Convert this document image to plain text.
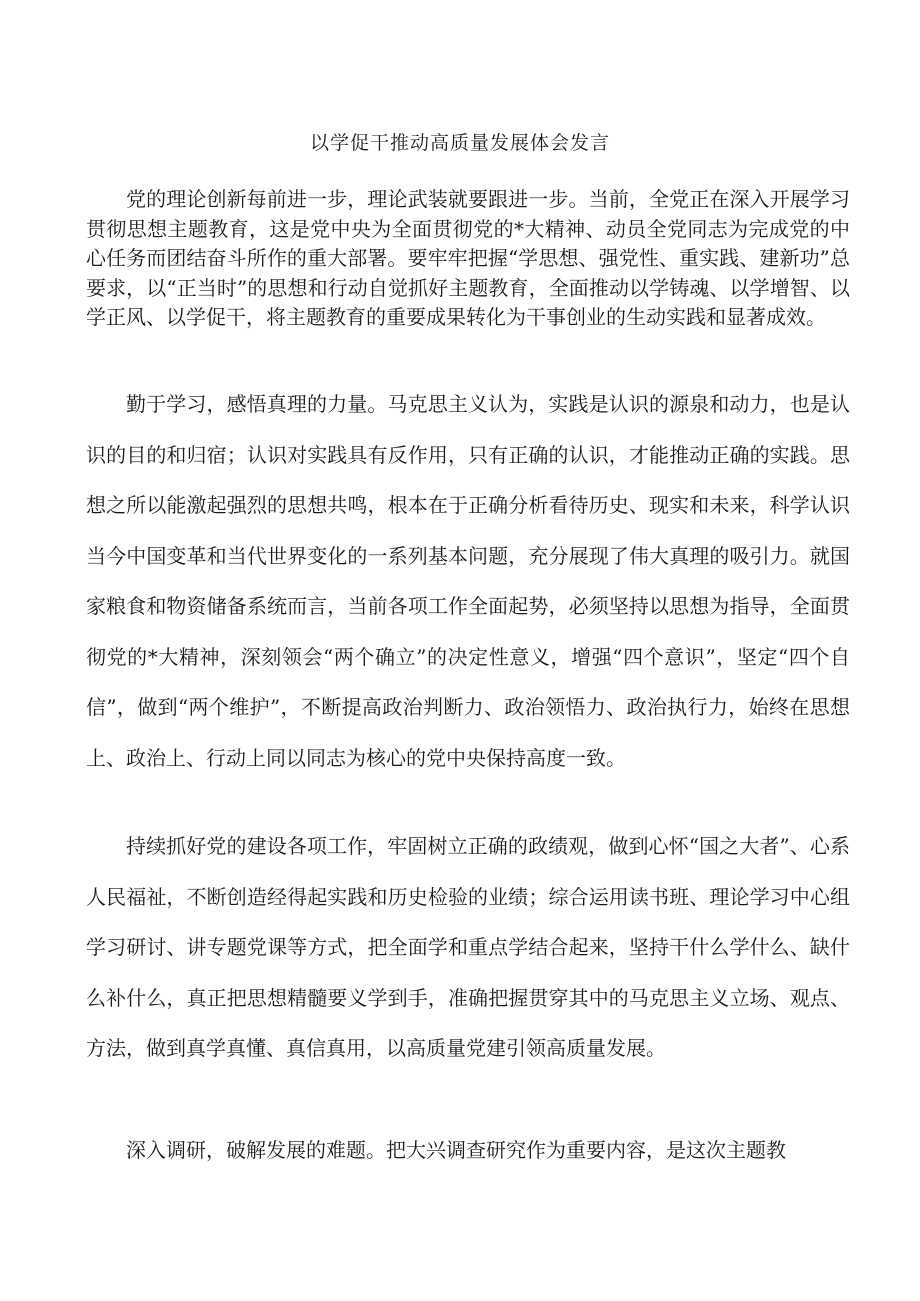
以学促干推动高质量发展体会发言

党的理论创新每前进一步，理论武装就要跟进一步。当前，全党正在深入开展学习贯彻思想主题教育，这是党中央为全面贯彻党的*大精神、动员全党同志为完成党的中心任务而团结奋斗所作的重大部署。要牢牢把握“学思想、强党性、重实践、建新功”总要求，以“正当时”的思想和行动自觉抓好主题教育，全面推动以学铸魂、以学增智、以学正风、以学促干，将主题教育的重要成果转化为干事创业的生动实践和显著成效。

勤于学习，感悟真理的力量。马克思主义认为，实践是认识的源泉和动力，也是认识的目的和归宿；认识对实践具有反作用，只有正确的认识，才能推动正确的实践。思想之所以能激起强烈的思想共鸣，根本在于正确分析看待历史、现实和未来，科学认识当今中国变革和当代世界变化的一系列基本问题，充分展现了伟大真理的吸引力。就国家粮食和物资储备系统而言，当前各项工作全面起势，必须坚持以思想为指导，全面贯彻党的*大精神，深刻领会“两个确立”的决定性意义，增强“四个意识”，坚定“四个自信”，做到“两个维护”，不断提高政治判断力、政治领悟力、政治执行力，始终在思想上、政治上、行动上同以同志为核心的党中央保持高度一致。

持续抓好党的建设各项工作，牢固树立正确的政绩观，做到心怀“国之大者”、心系人民福祉，不断创造经得起实践和历史检验的业绩；综合运用读书班、理论学习中心组学习研讨、讲专题党课等方式，把全面学和重点学结合起来，坚持干什么学什么、缺什么补什么，真正把思想精髓要义学到手，准确把握贯穿其中的马克思主义立场、观点、方法，做到真学真懂、真信真用，以高质量党建引领高质量发展。

深入调研，破解发展的难题。把大兴调查研究作为重要内容，是这次主题教
